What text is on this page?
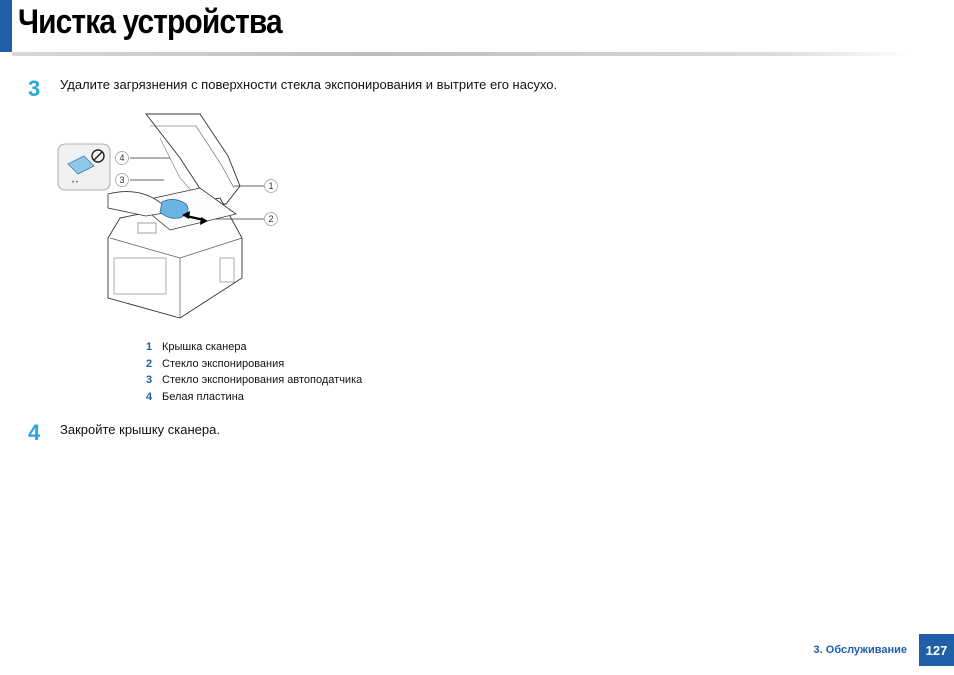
Чистка устройства
3 Удалите загрязнения с поверхности стекла экспонирования и вытрите его насухо.
• •
4
3
1
2
1 Крышка сканера
2 Стекло экспонирования
3 Стекло экспонирования автоподатчика
4 Белая пластина
4 Закройте крышку сканера.
3. Обслуживание	127
